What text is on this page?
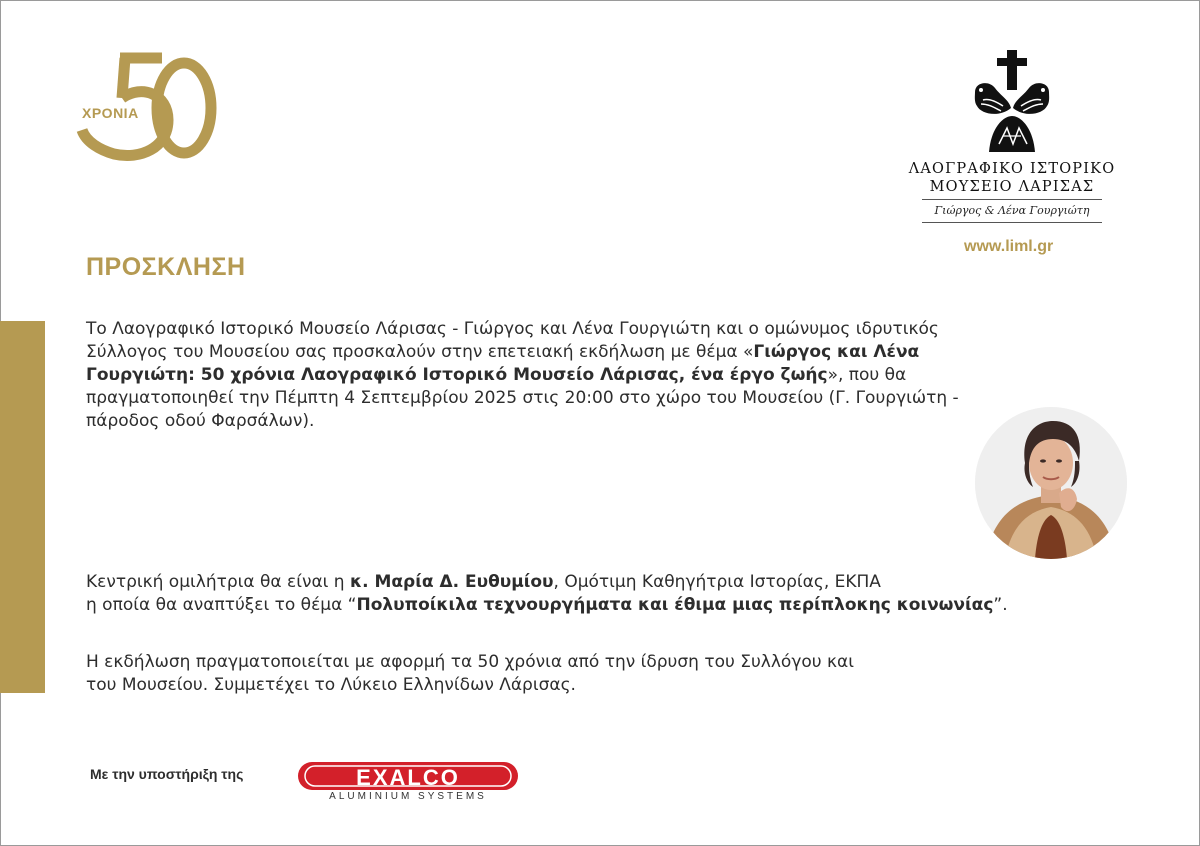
ΧΡΟΝΙΑ
ΛΑΟΓΡΑΦΙΚΟ ΙΣΤΟΡΙΚΟ
ΜΟΥΣΕΙΟ ΛΑΡΙΣΑΣ
Γιώργος & Λένα Γουργιώτη
www.liml.gr
ΠΡΟΣΚΛΗΣΗ
Το Λαογραφικό Ιστορικό Μουσείο Λάρισας - Γιώργος και Λένα Γουργιώτη και ο ομώνυμος ιδρυτικός Σύλλογος του Μουσείου σας προσκαλούν στην επετειακή εκδήλωση με θέμα «Γιώργος και Λένα Γουργιώτη: 50 χρόνια Λαογραφικό Ιστορικό Μουσείο Λάρισας, ένα έργο ζωής», που θα πραγματοποιηθεί την Πέμπτη 4 Σεπτεμβρίου 2025 στις 20:00 στο χώρο του Μουσείου (Γ. Γουργιώτη - πάροδος οδού Φαρσάλων).
Κεντρική ομιλήτρια θα είναι η κ. Μαρία Δ. Ευθυμίου, Ομότιμη Καθηγήτρια Ιστορίας, ΕΚΠΑ
η οποία θα αναπτύξει το θέμα “Πολυποίκιλα τεχνουργήματα και έθιμα μιας περίπλοκης κοινωνίας”.
Η εκδήλωση πραγματοποιείται με αφορμή τα 50 χρόνια από την ίδρυση του Συλλόγου και
του Μουσείου. Συμμετέχει το Λύκειο Ελληνίδων Λάρισας.
Με την υποστήριξη της	EXALCO
ALUMINIUM SYSTEMS
